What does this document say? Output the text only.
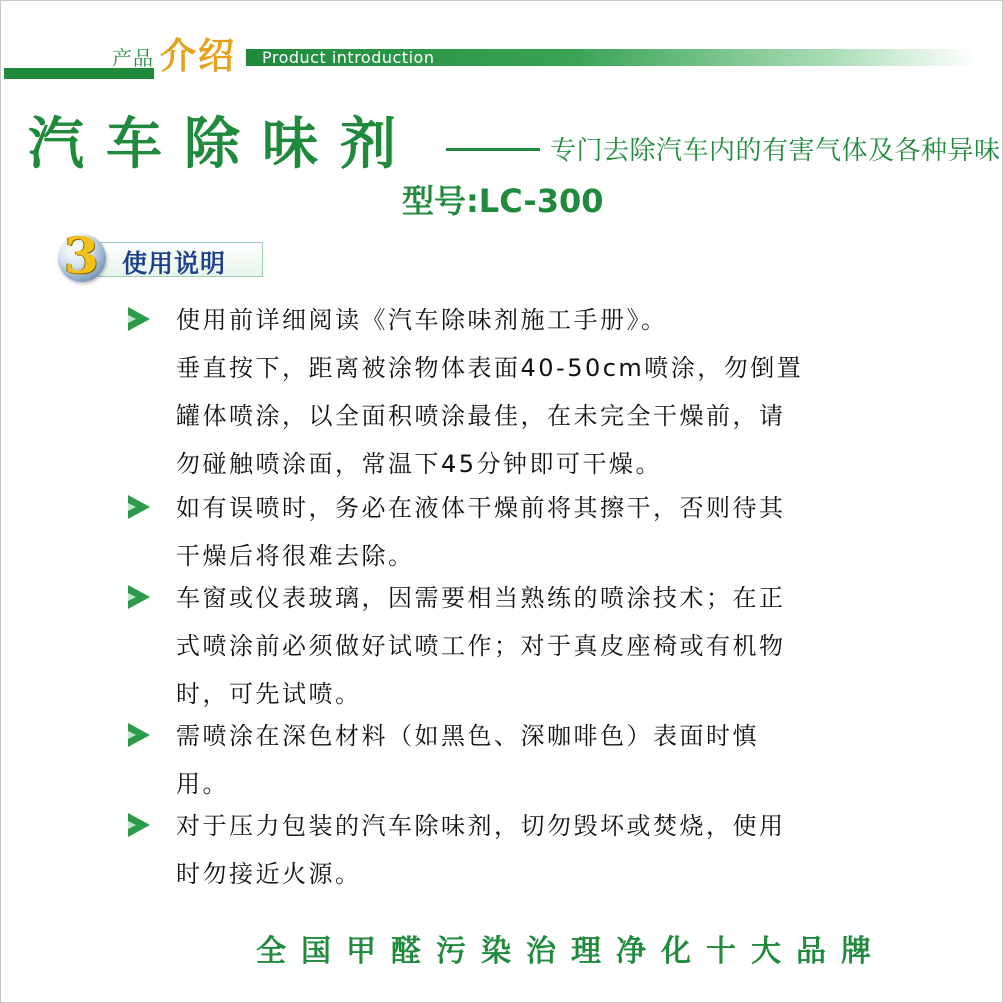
产品 介绍 Product introduction
汽车除味剂	专门去除汽车内的有害气体及各种异味
型号:LC-300
3 使用说明
使用前详细阅读《汽车除味剂施工手册》。
垂直按下，距离被涂物体表面40-50cm喷涂，勿倒置
罐体喷涂，以全面积喷涂最佳，在未完全干燥前，请
勿碰触喷涂面，常温下45分钟即可干燥。
如有误喷时，务必在液体干燥前将其擦干，否则待其
干燥后将很难去除。
车窗或仪表玻璃，因需要相当熟练的喷涂技术；在正
式喷涂前必须做好试喷工作；对于真皮座椅或有机物
时，可先试喷。
需喷涂在深色材料（如黑色、深咖啡色）表面时慎
用。
对于压力包装的汽车除味剂，切勿毁坏或焚烧，使用
时勿接近火源。
全国甲醛污染治理净化十大品牌
